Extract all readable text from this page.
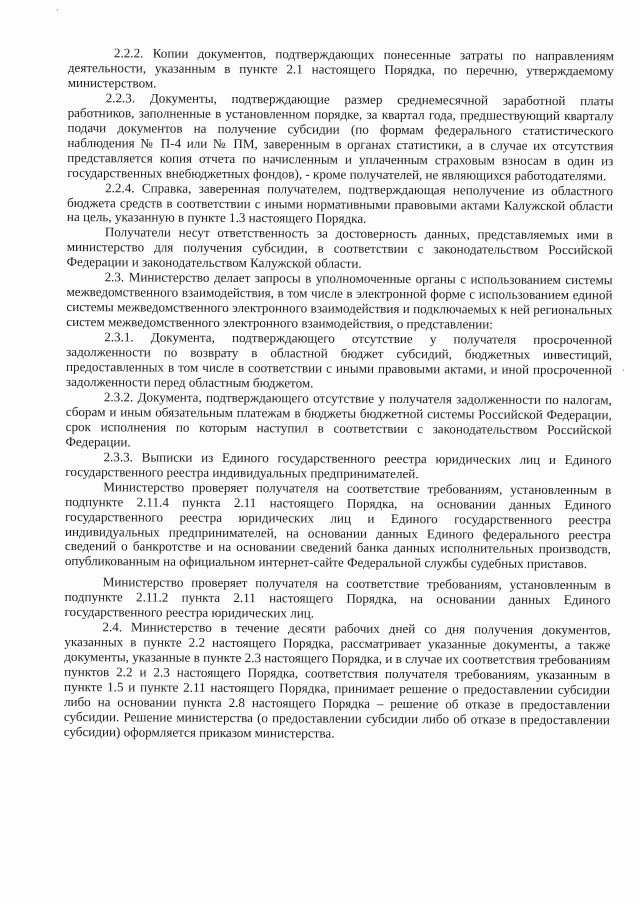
·
·

2.2.2. Копии документов, подтверждающих понесенные затраты по направлениям деятельности, указанным в пункте 2.1 настоящего Порядка, по перечню, утверждаемому министерством.

2.2.3. Документы, подтверждающие размер среднемесячной заработной платы работников, заполненные в установленном порядке, за квартал года, предшествующий кварталу подачи документов на получение субсидии (по формам федерального статистического наблюдения № П-4 или № ПМ, заверенным в органах статистики, а в случае их отсутствия представляется копия отчета по начисленным и уплаченным страховым взносам в один из государственных внебюджетных фондов), - кроме получателей, не являющихся работодателями.

2.2.4. Справка, заверенная получателем, подтверждающая неполучение из областного бюджета средств в соответствии с иными нормативными правовыми актами Калужской области на цель, указанную в пункте 1.3 настоящего Порядка.

Получатели несут ответственность за достоверность данных, представляемых ими в министерство для получения субсидии, в соответствии с законодательством Российской Федерации и законодательством Калужской области.

2.3. Министерство делает запросы в уполномоченные органы с использованием системы межведомственного взаимодействия, в том числе в электронной форме с использованием единой системы межведомственного электронного взаимодействия и подключаемых к ней региональных систем межведомственного электронного взаимодействия, о представлении:

2.3.1. Документа, подтверждающего отсутствие у получателя просроченной задолженности по возврату в областной бюджет субсидий, бюджетных инвестиций, предоставленных в том числе в соответствии с иными правовыми актами, и иной просроченной задолженности перед областным бюджетом.

2.3.2. Документа, подтверждающего отсутствие у получателя задолженности по налогам, сборам и иным обязательным платежам в бюджеты бюджетной системы Российской Федерации, срок исполнения по которым наступил в соответствии с законодательством Российской Федерации.

2.3.3. Выписки из Единого государственного реестра юридических лиц и Единого государственного реестра индивидуальных предпринимателей.

Министерство проверяет получателя на соответствие требованиям, установленным в подпункте 2.11.4 пункта 2.11 настоящего Порядка, на основании данных Единого государственного реестра юридических лиц и Единого государственного реестра индивидуальных предпринимателей, на основании данных Единого федерального реестра сведений о банкротстве и на основании сведений банка данных исполнительных производств, опубликованным на официальном интернет-сайте Федеральной службы судебных приставов.

Министерство проверяет получателя на соответствие требованиям, установленным в подпункте 2.11.2 пункта 2.11 настоящего Порядка, на основании данных Единого государственного реестра юридических лиц.

2.4. Министерство в течение десяти рабочих дней со дня получения документов, указанных в пункте 2.2 настоящего Порядка, рассматривает указанные документы, а также документы, указанные в пункте 2.3 настоящего Порядка, и в случае их соответствия требованиям пунктов 2.2 и 2.3 настоящего Порядка, соответствия получателя требованиям, указанным в пункте 1.5 и пункте 2.11 настоящего Порядка, принимает решение о предоставлении субсидии либо на основании пункта 2.8 настоящего Порядка – решение об отказе в предоставлении субсидии. Решение министерства (о предоставлении субсидии либо об отказе в предоставлении субсидии) оформляется приказом министерства.
